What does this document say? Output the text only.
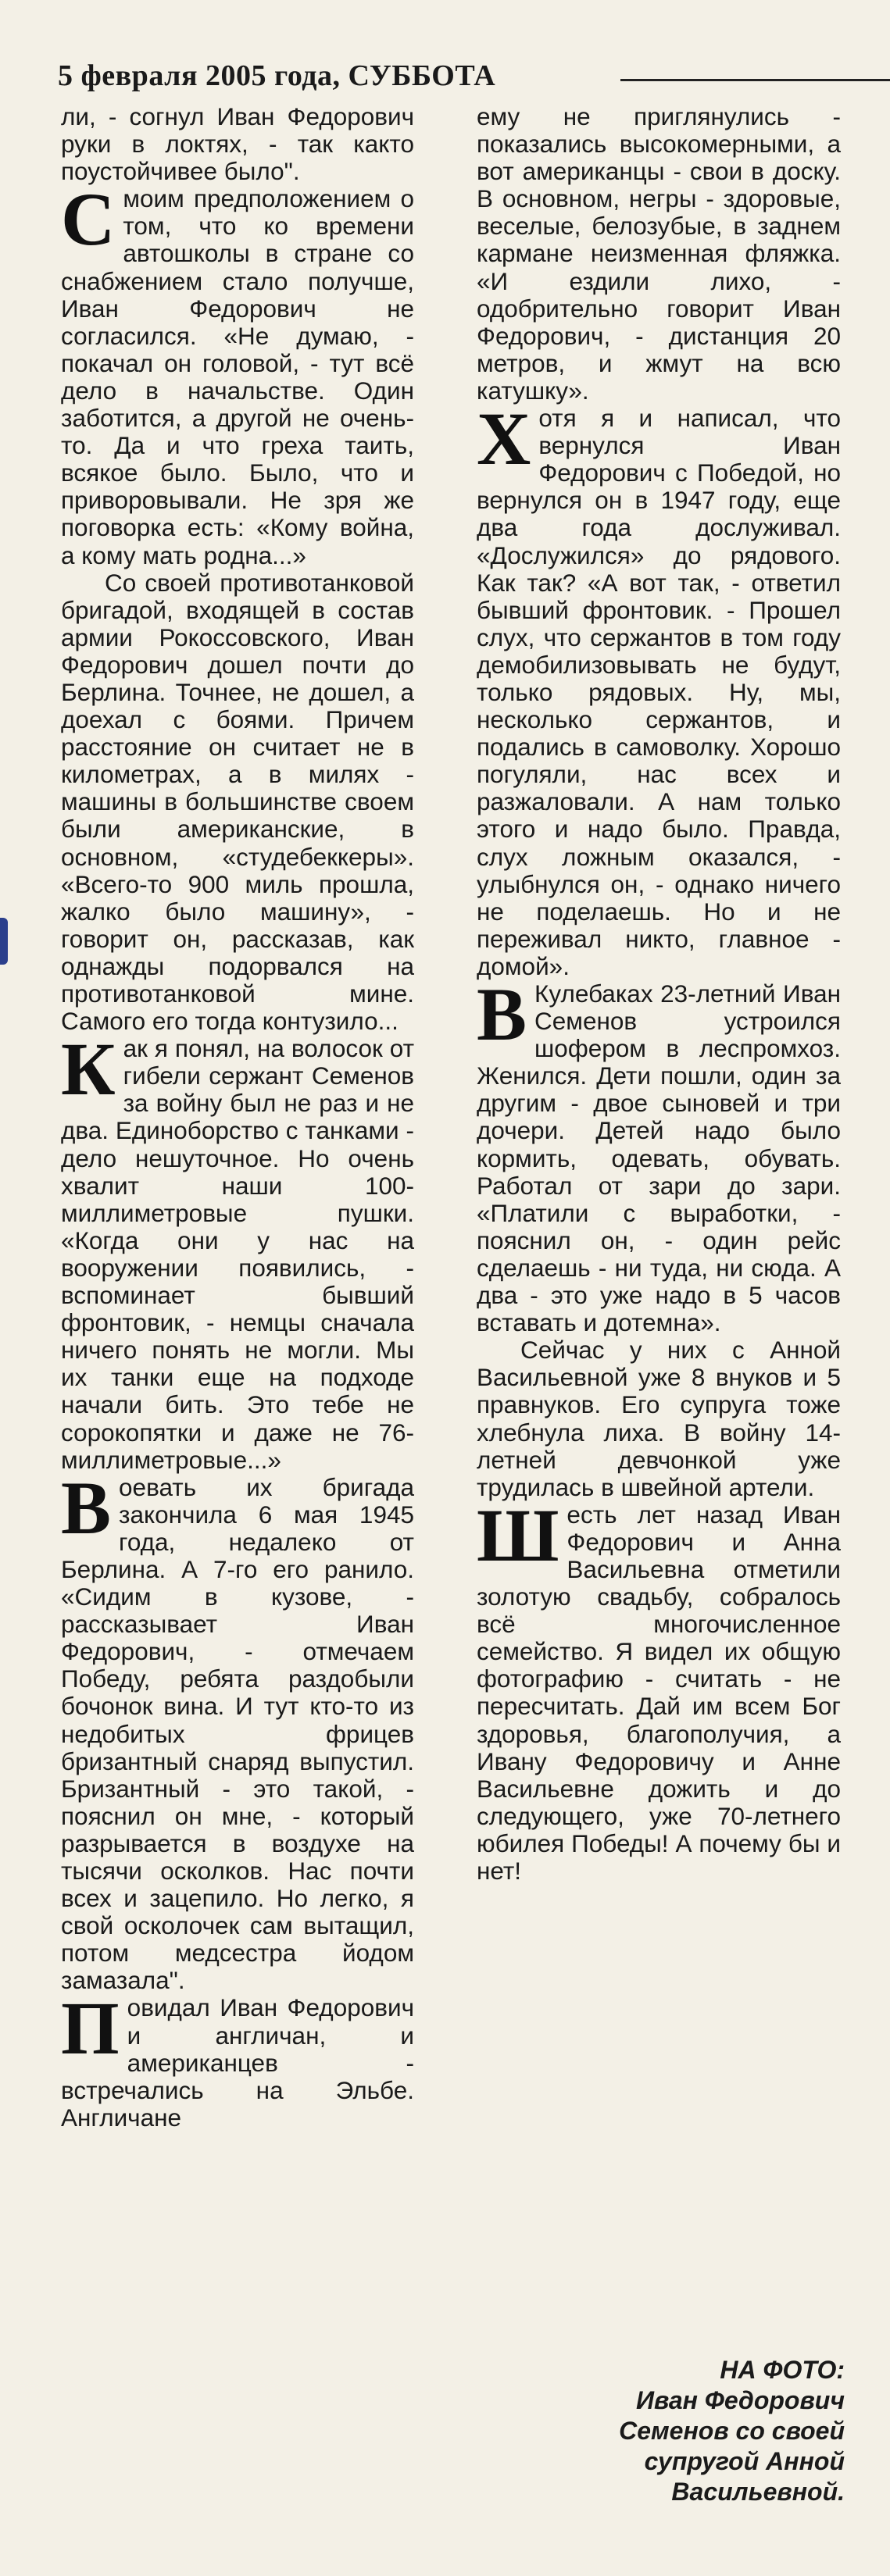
5 февраля 2005 года, СУББОТА

ли, - согнул Иван Федорович руки в локтях, - так както поустойчивее было".

Смоим предположением о том, что ко времени автошколы в стране со снабжением стало получше, Иван Федорович не согласился. «Не думаю, - покачал он головой, - тут всё дело в начальстве. Один заботится, а другой не очень-то. Да и что греха таить, всякое было. Было, что и приворовывали. Не зря же поговорка есть: «Кому война, а кому мать родна...»

Со своей противотанковой бригадой, входящей в состав армии Рокоссовского, Иван Федорович дошел почти до Берлина. Точнее, не дошел, а доехал с боями. Причем расстояние он считает не в километрах, а в милях - машины в большинстве своем были американские, в основном, «студебеккеры». «Всего-то 900 миль прошла, жалко было машину», - говорит он, рассказав, как однажды подорвался на противотанковой мине. Самого его тогда контузило...

Как я понял, на волосок от гибели сержант Семенов за войну был не раз и не два. Единоборство с танками - дело нешуточное. Но очень хвалит наши 100-миллиметровые пушки. «Когда они у нас на вооружении появились, - вспоминает бывший фронтовик, - немцы сначала ничего понять не могли. Мы их танки еще на подходе начали бить. Это тебе не сорокопятки и даже не 76-миллиметровые...»

Воевать их бригада закончила 6 мая 1945 года, недалеко от Берлина. А 7-го его ранило. «Сидим в кузове, - рассказывает Иван Федорович, - отмечаем Победу, ребята раздобыли бочонок вина. И тут кто-то из недобитых фрицев бризантный снаряд выпустил. Бризантный - это такой, - пояснил он мне, - который разрывается в воздухе на тысячи осколков. Нас почти всех и зацепило. Но легко, я свой осколочек сам вытащил, потом медсестра йодом замазала".

Повидал Иван Федорович и англичан, и американцев - встречались на Эльбе. Англичане

ему не приглянулись - показались высокомерными, а вот американцы - свои в доску. В основном, негры - здоровые, веселые, белозубые, в заднем кармане неизменная фляжка. «И ездили лихо, - одобрительно говорит Иван Федорович, - дистанция 20 метров, и жмут на всю катушку».

Хотя я и написал, что вернулся Иван Федорович с Победой, но вернулся он в 1947 году, еще два года дослуживал. «Дослужился» до рядового. Как так? «А вот так, - ответил бывший фронтовик. - Прошел слух, что сержантов в том году демобилизовывать не будут, только рядовых. Ну, мы, несколько сержантов, и подались в самоволку. Хорошо погуляли, нас всех и разжаловали. А нам только этого и надо было. Правда, слух ложным оказался, - улыбнулся он, - однако ничего не поделаешь. Но и не переживал никто, главное - домой».

В Кулебаках 23-летний Иван Семенов устроился шофером в леспромхоз. Женился. Дети пошли, один за другим - двое сыновей и три дочери. Детей надо было кормить, одевать, обувать. Работал от зари до зари. «Платили с выработки, - пояснил он, - один рейс сделаешь - ни туда, ни сюда. А два - это уже надо в 5 часов вставать и дотемна».

Сейчас у них с Анной Васильевной уже 8 внуков и 5 правнуков. Его супруга тоже хлебнула лиха. В войну 14-летней девчонкой уже трудилась в швейной артели.

Шесть лет назад Иван Федорович и Анна Васильевна отметили золотую свадьбу, собралось всё многочисленное семейство. Я видел их общую фотографию - считать - не пересчитать. Дай им всем Бог здоровья, благополучия, а Ивану Федоровичу и Анне Васильевне дожить и до следующего, уже 70-летнего юбилея Победы! А почему бы и нет!

НА ФОТО:
Иван Федорович
Семенов со своей
супругой Анной
Васильевной.
